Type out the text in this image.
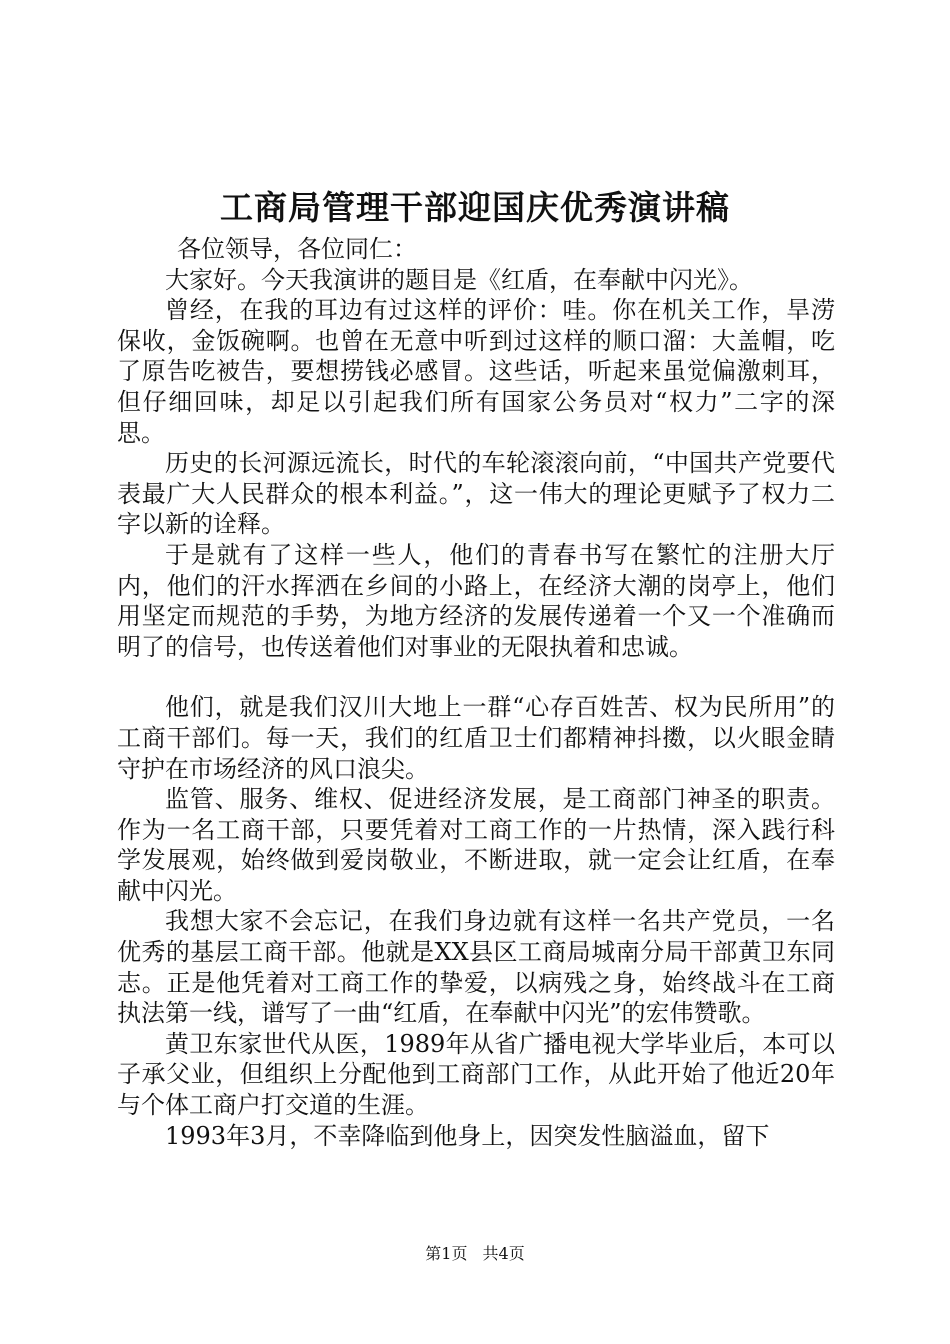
工商局管理干部迎国庆优秀演讲稿

各位领导，各位同仁：

大家好。今天我演讲的题目是《红盾，在奉献中闪光》。

曾经，在我的耳边有过这样的评价：哇。你在机关工作，旱涝保收，金饭碗啊。也曾在无意中听到过这样的顺口溜：大盖帽，吃了原告吃被告，要想捞钱必感冒。这些话，听起来虽觉偏激刺耳，但仔细回味，却足以引起我们所有国家公务员对“权力”二字的深思。

历史的长河源远流长，时代的车轮滚滚向前，“中国共产党要代表最广大人民群众的根本利益。”，这一伟大的理论更赋予了权力二字以新的诠释。

于是就有了这样一些人，他们的青春书写在繁忙的注册大厅内，他们的汗水挥洒在乡间的小路上，在经济大潮的岗亭上，他们用坚定而规范的手势，为地方经济的发展传递着一个又一个准确而明了的信号，也传送着他们对事业的无限执着和忠诚。

他们，就是我们汉川大地上一群“心存百姓苦、权为民所用”的工商干部们。每一天，我们的红盾卫士们都精神抖擞，以火眼金睛守护在市场经济的风口浪尖。

监管、服务、维权、促进经济发展，是工商部门神圣的职责。作为一名工商干部，只要凭着对工商工作的一片热情，深入践行科学发展观，始终做到爱岗敬业，不断进取，就一定会让红盾，在奉献中闪光。

我想大家不会忘记，在我们身边就有这样一名共产党员，一名优秀的基层工商干部。他就是XX县区工商局城南分局干部黄卫东同志。正是他凭着对工商工作的挚爱，以病残之身，始终战斗在工商执法第一线，谱写了一曲“红盾，在奉献中闪光”的宏伟赞歌。

黄卫东家世代从医，1989年从省广播电视大学毕业后，本可以子承父业，但组织上分配他到工商部门工作，从此开始了他近20年与个体工商户打交道的生涯。

1993年3月，不幸降临到他身上，因突发性脑溢血，留下

第1页 共4页
